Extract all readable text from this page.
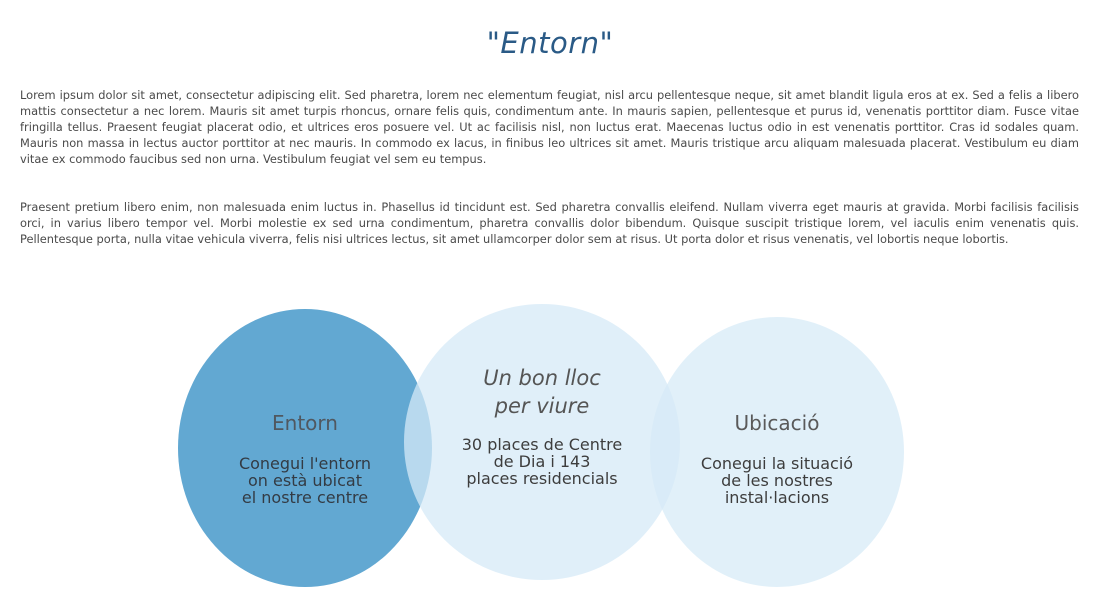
"Entorn"

Lorem ipsum dolor sit amet, consectetur adipiscing elit. Sed pharetra, lorem nec elementum feugiat, nisl arcu pellentesque neque, sit amet blandit ligula eros at ex. Sed a felis a libero mattis consectetur a nec lorem. Mauris sit amet turpis rhoncus, ornare felis quis, condimentum ante. In mauris sapien, pellentesque et purus id, venenatis porttitor diam. Fusce vitae fringilla tellus. Praesent feugiat placerat odio, et ultrices eros posuere vel. Ut ac facilisis nisl, non luctus erat. Maecenas luctus odio in est venenatis porttitor. Cras id sodales quam. Mauris non massa in lectus auctor porttitor at nec mauris. In commodo ex lacus, in finibus leo ultrices sit amet. Mauris tristique arcu aliquam malesuada placerat. Vestibulum eu diam vitae ex commodo faucibus sed non urna. Vestibulum feugiat vel sem eu tempus.

Praesent pretium libero enim, non malesuada enim luctus in. Phasellus id tincidunt est. Sed pharetra convallis eleifend. Nullam viverra eget mauris at gravida. Morbi facilisis facilisis orci, in varius libero tempor vel. Morbi molestie ex sed urna condimentum, pharetra convallis dolor bibendum. Quisque suscipit tristique lorem, vel iaculis enim venenatis quis. Pellentesque porta, nulla vitae vehicula viverra, felis nisi ultrices lectus, sit amet ullamcorper dolor sem at risus. Ut porta dolor et risus venenatis, vel lobortis neque lobortis.

Ubicació
Conegui la situació
de les nostres
instal·lacions
Entorn
Conegui l'entorn
on està ubicat
el nostre centre
Un bon lloc
per viure
30 places de Centre
de Dia i 143
places residencials
